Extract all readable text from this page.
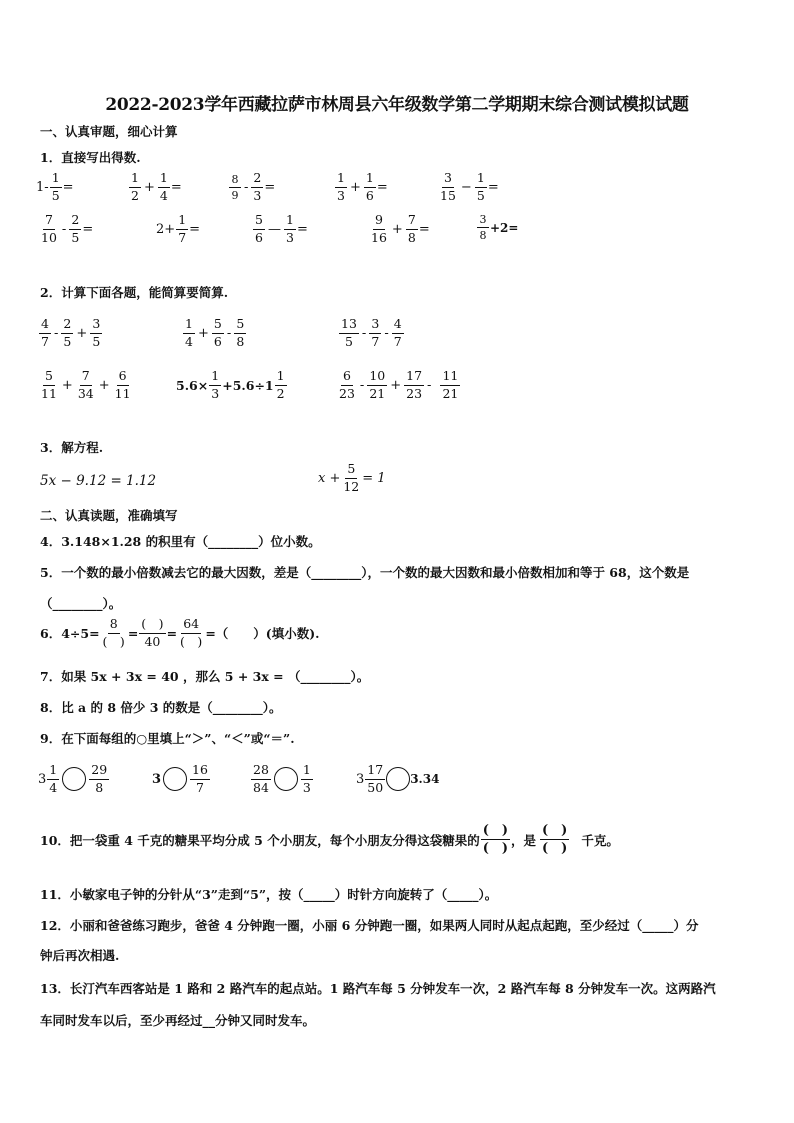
2022-2023学年西藏拉萨市林周县六年级数学第二学期期末综合测试模拟试题
一、认真审题，细心计算
1．直接写出得数.
$1- \frac{1}{5}$ =	$\frac{1}{2} + \frac{1}{4}$ =	$\frac{8}{9} - \frac{2}{3}$ =	$\frac{1}{3} + \frac{1}{6}$ =	$\frac{3}{15} - \frac{1}{5}$ =
$\frac{7}{10} - \frac{2}{5}$ =	$2+ \frac{1}{7}$ =	$\frac{5}{6}$ — $\frac{1}{3}$ =	$\frac{9}{16} + \frac{7}{8}$ =	$\frac{3}{8} +2=$
2．计算下面各题，能简算要简算.
$\frac{4}{7} - \frac{2}{5} + \frac{3}{5}$	$\frac{1}{4} + \frac{5}{6} - \frac{5}{8}$	$\frac{13}{5} - \frac{3}{7} - \frac{4}{7}$
$\frac{5}{11} + \frac{7}{34} + \frac{6}{11}$	$5.6\times \frac{1}{3} +5.6\div 1 \frac{1}{2}$	$\frac{6}{23} - \frac{10}{21} + \frac{17}{23} - \frac{11}{21}$
3．解方程.
5x − 9.12 = 1.12	$x + \frac{5}{12} = 1$
二、认真读题，准确填写
4．3.148×1.28 的积里有（________）位小数。
5．一个数的最小倍数减去它的最大因数，差是（________），一个数的最大因数和最小倍数相加和等于 68，这个数是
（________）。
6．$4\div 5= \frac{8}{( )} = \frac{( )}{40} = \frac{64}{( )}$ =（　　）(填小数).
7．如果 5x + 3x = 40 ，那么 5 + 3x = （________）。
8．比 a 的 8 倍少 3 的数是（________）。
9．在下面每组的○里填上“＞”、“＜”或“＝”.
$3 \frac{1}{4} \frac{29}{8}$	$3 \frac{16}{7}$	$\frac{28}{84} \frac{1}{3}$	$3 \frac{17}{50} 3.34$
10．把一袋重 4 千克的糖果平均分成 5 个小朋友，每个小朋友分得这袋糖果的 $\frac{( )}{( )}$ ，是 $\frac{( )}{( )}$ 千克。
11．小敏家电子钟的分针从“3”走到“5”，按（_____）时针方向旋转了（_____）。
12．小丽和爸爸练习跑步，爸爸 4 分钟跑一圈，小丽 6 分钟跑一圈，如果两人同时从起点起跑，至少经过（_____）分
钟后再次相遇.
13．长汀汽车西客站是 1 路和 2 路汽车的起点站。1 路汽车每 5 分钟发车一次，2 路汽车每 8 分钟发车一次。这两路汽
车同时发车以后，至少再经过__分钟又同时发车。
